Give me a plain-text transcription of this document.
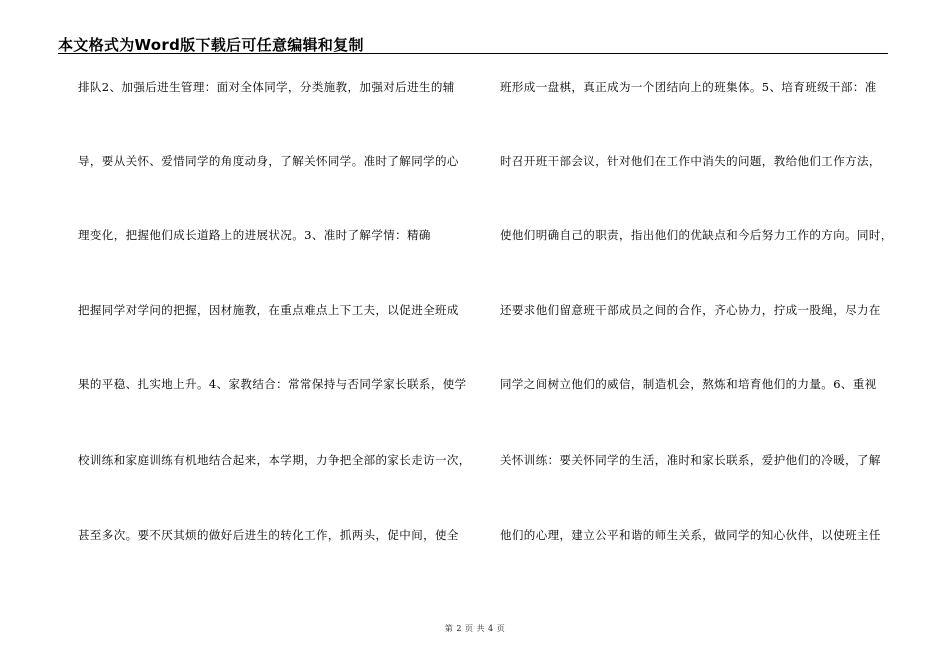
本文格式为Word版下载后可任意编辑和复制
排队2、加强后进生管理：面对全体同学，分类施教，加强对后进生的辅
导，要从关怀、爱惜同学的角度动身，了解关怀同学。准时了解同学的心
理变化，把握他们成长道路上的进展状况。3、准时了解学情：精确
把握同学对学问的把握，因材施教，在重点难点上下工夫，以促进全班成
果的平稳、扎实地上升。4、家教结合：常常保持与否同学家长联系，使学
校训练和家庭训练有机地结合起来，本学期，力争把全部的家长走访一次，
甚至多次。要不厌其烦的做好后进生的转化工作，抓两头，促中间，使全
班形成一盘棋，真正成为一个团结向上的班集体。5、培育班级干部：准
时召开班干部会议，针对他们在工作中消失的问题，教给他们工作方法，
使他们明确自己的职责，指出他们的优缺点和今后努力工作的方向。同时，
还要求他们留意班干部成员之间的合作，齐心协力，拧成一股绳，尽力在
同学之间树立他们的威信，制造机会，熬炼和培育他们的力量。6、重视
关怀训练：要关怀同学的生活，准时和家长联系，爱护他们的冷暖，了解
他们的心理，建立公平和谐的师生关系，做同学的知心伙伴，以使班主任
第 2 页 共 4 页
